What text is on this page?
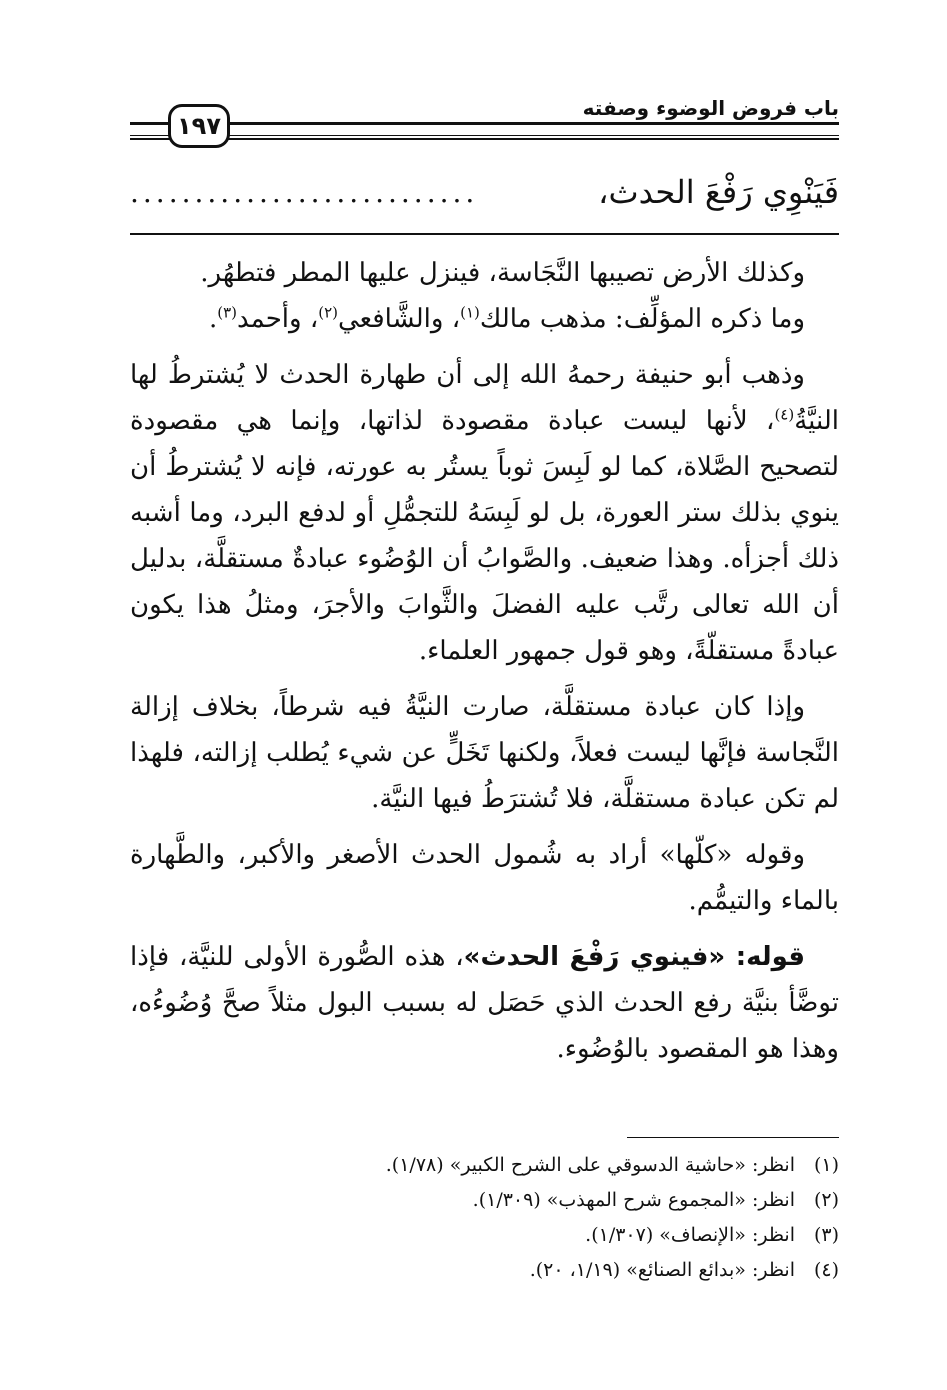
باب فروض الوضوء وصفته
١٩٧
فَيَنْوِي رَفْعَ الحدث،
...........................

وكذلك الأرض تصيبها النَّجَاسة، فينزل عليها المطر فتطهُر.

وما ذكره المؤلِّف: مذهب مالك$^{(١)}$، والشَّافعي$^{(٢)}$، وأحمد$^{(٣)}$.

وذهب أبو حنيفة رحمهُ الله إلى أن طهارة الحدث لا يُشترطُ لها النيَّةُ$^{(٤)}$، لأنها ليست عبادة مقصودة لذاتها، وإنما هي مقصودة لتصحيح الصَّلاة، كما لو لَبِسَ ثوباً يستُر به عورته، فإنه لا يُشترطُ أن ينوي بذلك ستر العورة، بل لو لَبِسَهُ للتجمُّلِ أو لدفع البرد، وما أشبه ذلك أجزأه. وهذا ضعيف. والصَّوابُ أن الوُضُوء عبادةٌ مستقلَّة، بدليل أن الله تعالى رتَّب عليه الفضلَ والثَّوابَ والأجرَ، ومثلُ هذا يكون عبادةً مستقلّةً، وهو قول جمهور العلماء.

وإذا كان عبادة مستقلَّة، صارت النيَّةُ فيه شرطاً، بخلاف إزالة النَّجاسة فإنَّها ليست فعلاً، ولكنها تَخَلٍّ عن شيء يُطلب إزالته، فلهذا لم تكن عبادة مستقلَّة، فلا تُشترَطُ فيها النيَّة.

وقوله «كلّها» أراد به شُمول الحدث الأصغر والأكبر، والطَّهارة بالماء والتيمُّم.

قوله: «فينوي رَفْعَ الحدث»، هذه الصُّورة الأولى للنيَّة، فإذا توضَّأ بنيَّة رفع الحدث الذي حَصَل له بسبب البول مثلاً صحَّ وُضُوءُه، وهذا هو المقصود بالوُضُوء.

(١)
انظر: «حاشية الدسوقي على الشرح الكبير» (١/٧٨).
(٢)
انظر: «المجموع شرح المهذب» (١/٣٠٩).
(٣)
انظر: «الإنصاف» (١/٣٠٧).
(٤)
انظر: «بدائع الصنائع» (١/١٩، ٢٠).
